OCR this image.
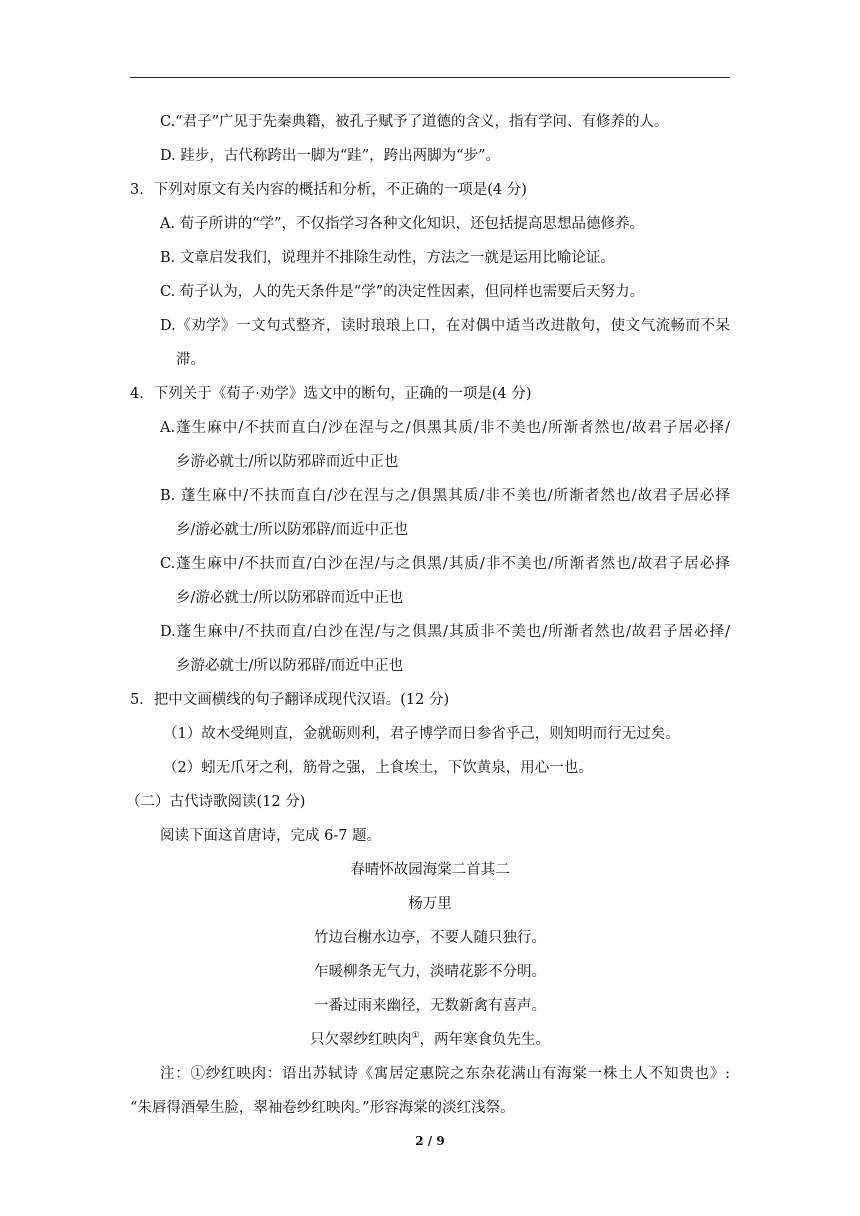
C.“君子”广见于先秦典籍，被孔子赋予了道德的含义，指有学问、有修养的人。
D. 跬步，古代称跨出一脚为“跬”，跨出两脚为“步”。
3．下列对原文有关内容的概括和分析，不正确的一项是(4 分)
A. 荀子所讲的“学”，不仅指学习各种文化知识，还包括提高思想品德修养。
B. 文章启发我们，说理并不排除生动性，方法之一就是运用比喻论证。
C. 荀子认为，人的先天条件是“学”的决定性因素，但同样也需要后天努力。
D.《劝学》一文句式整齐，读时琅琅上口，在对偶中适当改进散句，使文气流畅而不呆
滞。
4．下列关于《荀子·劝学》选文中的断句，正确的一项是(4 分)
A.蓬生麻中/不扶而直白/沙在涅与之/俱黑其质/非不美也/所渐者然也/故君子居必择/
乡游必就士/所以防邪辟而近中正也
B. 蓬生麻中/不扶而直白/沙在涅与之/俱黑其质/非不美也/所渐者然也/故君子居必择
乡/游必就士/所以防邪辟/而近中正也
C.蓬生麻中/不扶而直/白沙在涅/与之俱黑/其质/非不美也/所渐者然也/故君子居必择
乡/游必就士/所以防邪辟而近中正也
D.蓬生麻中/不扶而直/白沙在涅/与之俱黑/其质非不美也/所渐者然也/故君子居必择/
乡游必就士/所以防邪辟/而近中正也
5．把中文画横线的句子翻译成现代汉语。(12 分)
（1）故木受绳则直，金就砺则利，君子博学而日参省乎己，则知明而行无过矣。
（2）蚓无爪牙之利，筋骨之强，上食埃土，下饮黄泉，用心一也。
（二）古代诗歌阅读(12 分)
阅读下面这首唐诗，完成 6-7 题。
春晴怀故园海棠二首其二
杨万里
竹边台榭水边亭，不要人随只独行。
乍暖柳条无气力，淡晴花影不分明。
一番过雨来幽径，无数新禽有喜声。
只欠翠纱红映肉①，两年寒食负先生。
注：①纱红映肉：语出苏轼诗《寓居定惠院之东杂花满山有海棠一株土人不知贵也》:
“朱唇得酒晕生脸，翠袖卷纱红映肉。”形容海棠的淡红浅祭。
2 / 9
